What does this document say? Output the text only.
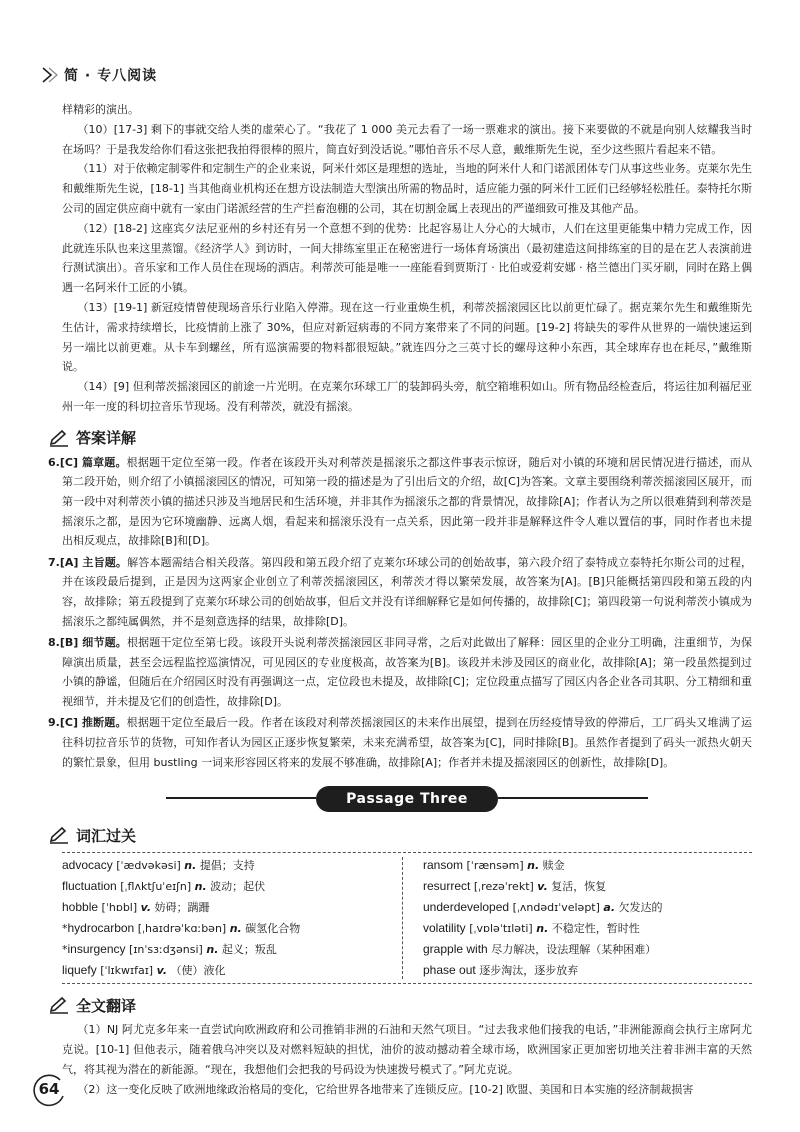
简 · 专八阅读

样精彩的演出。

（10）[17-3] 剩下的事就交给人类的虚荣心了。“我花了 1 000 美元去看了一场一票难求的演出。接下来要做的不就是向别人炫耀我当时在场吗？于是我发给你们看这张把我拍得很棒的照片，简直好到没话说。”哪怕音乐不尽人意，戴维斯先生说，至少这些照片看起来不错。

（11）对于依赖定制零件和定制生产的企业来说，阿米什郊区是理想的选址，当地的阿米什人和门诺派团体专门从事这些业务。克莱尔先生和戴维斯先生说，[18-1] 当其他商业机构还在想方设法制造大型演出所需的物品时，适应能力强的阿米什工匠们已经够轻松胜任。泰特托尔斯公司的固定供应商中就有一家由门诺派经营的生产拦畜泡棚的公司，其在切割金属上表现出的严谨细致可推及其他产品。

（12）[18-2] 这座宾夕法尼亚州的乡村还有另一个意想不到的优势：比起容易让人分心的大城市，人们在这里更能集中精力完成工作，因此就连乐队也来这里蒸馏。《经济学人》到访时，一间大排练室里正在秘密进行一场体育场演出（最初建造这间排练室的目的是在艺人表演前进行测试演出）。音乐家和工作人员住在现场的酒店。利蒂茨可能是唯一一座能看到贾斯汀 · 比伯或爱莉安娜 · 格兰德出门买牙刷，同时在路上偶遇一名阿米什工匠的小镇。

（13）[19-1] 新冠疫情曾使现场音乐行业陷入停滞。现在这一行业重焕生机，利蒂茨摇滚园区比以前更忙碌了。据克莱尔先生和戴维斯先生估计，需求持续增长，比疫情前上涨了 30%，但应对新冠病毒的不同方案带来了不同的问题。[19-2] 将缺失的零件从世界的一端快速运到另一端比以前更难。从卡车到螺丝，所有巡演需要的物料都很短缺。”就连四分之三英寸长的螺母这种小东西，其全球库存也在耗尽，”戴维斯说。

（14）[9] 但利蒂茨摇滚园区的前途一片光明。在克莱尔环球工厂的装卸码头旁，航空箱堆积如山。所有物品经检查后，将运往加利福尼亚州一年一度的科切拉音乐节现场。没有利蒂茨，就没有摇滚。

答案详解

6.[C] 篇章题。根据题干定位至第一段。作者在该段开头对利蒂茨是摇滚乐之都这件事表示惊讶，随后对小镇的环境和居民情况进行描述，而从第二段开始，则介绍了小镇摇滚园区的情况，可知第一段的描述是为了引出后文的介绍，故[C]为答案。文章主要围绕利蒂茨摇滚园区展开，而第一段中对利蒂茨小镇的描述只涉及当地居民和生活环境，并非其作为摇滚乐之都的背景情况，故排除[A]；作者认为之所以很难猜到利蒂茨是摇滚乐之都，是因为它环境幽静、远离人烟，看起来和摇滚乐没有一点关系，因此第一段并非是解释这件令人难以置信的事，同时作者也未提出相反观点，故排除[B]和[D]。

7.[A] 主旨题。解答本题需结合相关段落。第四段和第五段介绍了克莱尔环球公司的创始故事，第六段介绍了泰特成立泰特托尔斯公司的过程，并在该段最后提到，正是因为这两家企业创立了利蒂茨摇滚园区，利蒂茨才得以繁荣发展，故答案为[A]。[B]只能概括第四段和第五段的内容，故排除；第五段提到了克莱尔环球公司的创始故事，但后文并没有详细解释它是如何传播的，故排除[C]；第四段第一句说利蒂茨小镇成为摇滚乐之都纯属偶然，并不是刻意选择的结果，故排除[D]。

8.[B] 细节题。根据题干定位至第七段。该段开头说利蒂茨摇滚园区非同寻常，之后对此做出了解释：园区里的企业分工明确，注重细节，为保障演出质量，甚至会远程监控巡演情况，可见园区的专业度极高，故答案为[B]。该段并未涉及园区的商业化，故排除[A]；第一段虽然提到过小镇的静谧，但随后在介绍园区时没有再强调这一点，定位段也未提及，故排除[C]；定位段重点描写了园区内各企业各司其职、分工精细和重视细节，并未提及它们的创造性，故排除[D]。

9.[C] 推断题。根据题干定位至最后一段。作者在该段对利蒂茨摇滚园区的未来作出展望，提到在历经疫情导致的停滞后，工厂码头又堆满了运往科切拉音乐节的货物，可知作者认为园区正逐步恢复繁荣，未来充满希望，故答案为[C]，同时排除[B]。虽然作者提到了码头一派热火朝天的繁忙景象，但用 bustling 一词来形容园区将来的发展不够准确，故排除[A]；作者并未提及摇滚园区的创新性，故排除[D]。

Passage Three
词汇过关
advocacy [ˈædvəkəsi] n. 提倡；支持
fluctuation [ˌflʌktʃuˈeɪʃn] n. 波动；起伏
hobble [ˈhɒbl] v. 妨碍；蹒跚
*hydrocarbon [ˌhaɪdrəˈkɑːbən] n. 碳氢化合物
*insurgency [ɪnˈsɜːdʒənsi] n. 起义；叛乱
liquefy [ˈlɪkwɪfaɪ] v. （使）液化
ransom [ˈrænsəm] n. 赎金
resurrect [ˌrezəˈrekt] v. 复活，恢复
underdeveloped [ˌʌndədɪˈveləpt] a. 欠发达的
volatility [ˌvɒləˈtɪləti] n. 不稳定性，暂时性
grapple with 尽力解决，设法理解（某种困难）
phase out 逐步淘汰，逐步放弃
全文翻译

（1）NJ 阿尤克多年来一直尝试向欧洲政府和公司推销非洲的石油和天然气项目。“过去我求他们接我的电话，”非洲能源商会执行主席阿尤克说。[10-1] 但他表示，随着俄乌冲突以及对燃料短缺的担忧，油价的波动撼动着全球市场，欧洲国家正更加密切地关注着非洲丰富的天然气，将其视为潜在的新能源。“现在，我想他们会把我的号码设为快速拨号模式了。”阿尤克说。

（2）这一变化反映了欧洲地缘政治格局的变化，它给世界各地带来了连锁反应。[10-2] 欧盟、美国和日本实施的经济制裁损害

64
